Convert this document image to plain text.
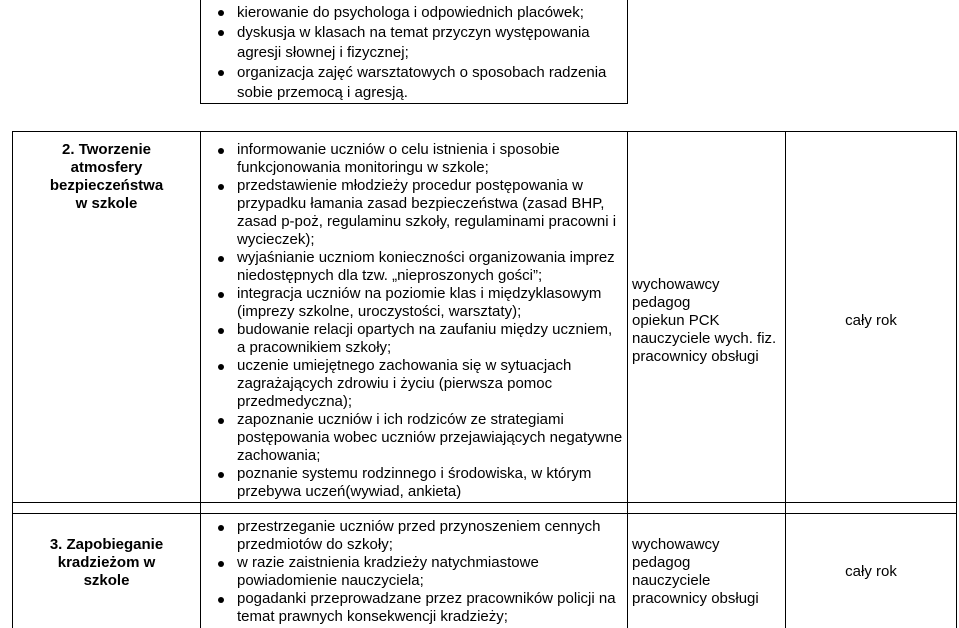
kierowanie do psychologa i odpowiednich placówek;
dyskusja w klasach na temat przyczyn występowania agresji słownej i fizycznej;
organizacja zajęć warsztatowych o sposobach radzenia sobie przemocą i agresją.
2. Tworzenie
atmosfery
bezpieczeństwa
w szkole
informowanie uczniów o celu istnienia i sposobie funkcjonowania monitoringu w szkole;
przedstawienie młodzieży procedur postępowania w przypadku łamania zasad bezpieczeństwa (zasad BHP, zasad p-poż, regulaminu szkoły, regulaminami pracowni i wycieczek);
wyjaśnianie uczniom konieczności organizowania imprez niedostępnych dla tzw. „nieproszonych gości”;
integracja uczniów na poziomie klas i międzyklasowym (imprezy szkolne, uroczystości, warsztaty);
budowanie relacji opartych na zaufaniu między uczniem, a pracownikiem szkoły;
uczenie umiejętnego zachowania się w sytuacjach zagrażających zdrowiu i życiu (pierwsza pomoc przedmedyczna);
zapoznanie uczniów i ich rodziców ze strategiami postępowania wobec uczniów przejawiających negatywne zachowania;
poznanie systemu rodzinnego i środowiska, w którym przebywa uczeń(wywiad, ankieta)
wychowawcy
pedagog
opiekun PCK
nauczyciele wych. fiz.
pracownicy obsługi
cały rok
3. Zapobieganie
kradzieżom w
szkole
przestrzeganie uczniów przed przynoszeniem cennych przedmiotów do szkoły;
w razie zaistnienia kradzieży natychmiastowe powiadomienie nauczyciela;
pogadanki przeprowadzane przez pracowników policji na temat prawnych konsekwencji kradzieży;
wychowawcy
pedagog
nauczyciele
pracownicy obsługi
cały rok
